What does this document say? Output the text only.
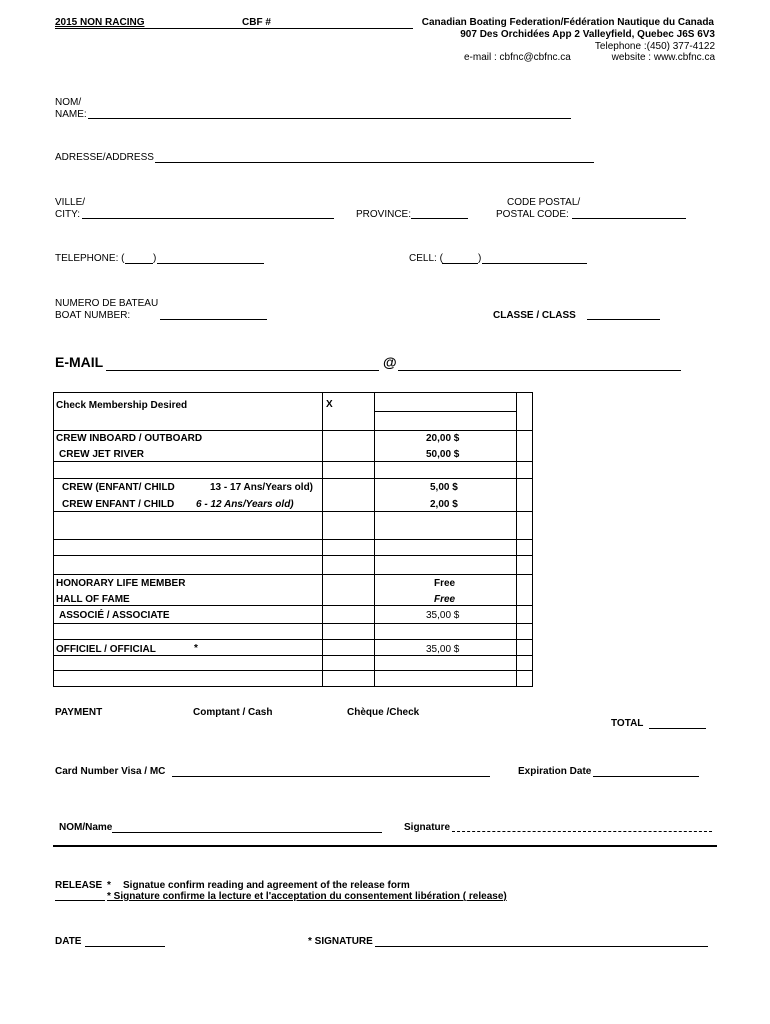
2015 NON RACING	CBF #	Canadian Boating Federation/Fédération Nautique du Canada
907 Des Orchidées App 2 Valleyfield, Quebec J6S 6V3
Telephone :(450) 377-4122
e-mail : cbfnc@cbfnc.ca	website : www.cbfnc.ca
NOM/
NAME:
ADRESSE/ADDRESS
VILLE/
CITY:	PROVINCE:
CODE POSTAL/
POSTAL CODE:
TELEPHONE: (	)	CELL: (	)
NUMERO DE BATEAU
BOAT NUMBER:	CLASSE / CLASS
E-MAIL	@
Check Membership Desired	X
CREW INBOARD / OUTBOARD	20,00 $
CREW JET RIVER	50,00 $
CREW (ENFANT/ CHILD	13 - 17 Ans/Years old)	5,00 $
CREW ENFANT / CHILD 6 - 12 Ans/Years old)	2,00 $
HONORARY LIFE MEMBER	Free
HALL OF FAME	Free
ASSOCIÉ / ASSOCIATE	35,00 $
OFFICIEL / OFFICIAL	*	35,00 $
PAYMENT	Comptant / Cash	Chèque /Check
TOTAL
Card Number Visa / MC	Expiration Date
NOM/Name	Signature
RELEASE * Signatue confirm reading and agreement of the release form
* Signature confirme la lecture et l'acceptation du consentement libération ( release)
DATE	* SIGNATURE
